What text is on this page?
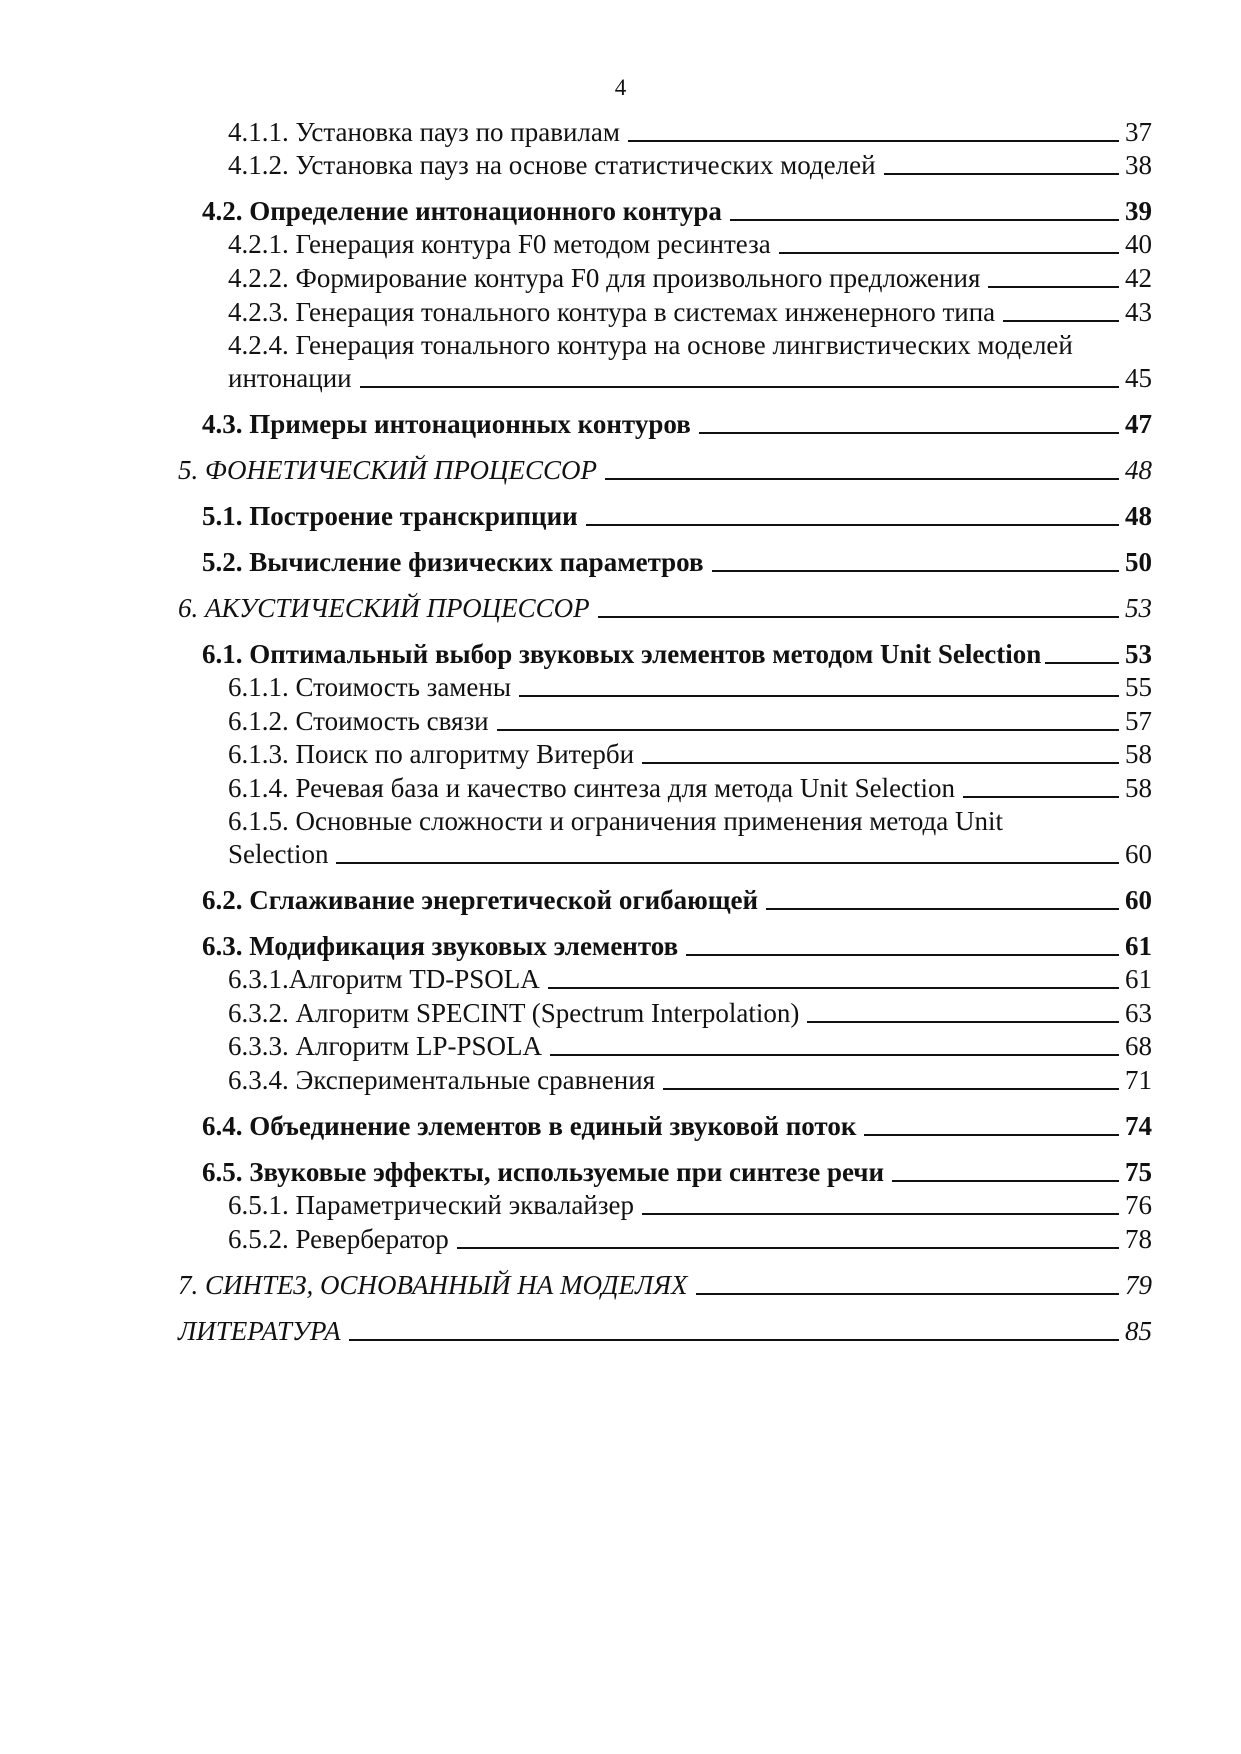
4
4.1.1. Установка пауз по правилам	37
4.1.2. Установка пауз на основе статистических моделей	38
4.2. Определение интонационного контура	39
4.2.1. Генерация контура F0 методом ресинтеза	40
4.2.2. Формирование контура F0 для произвольного предложения	42
4.2.3. Генерация тонального контура в системах инженерного типа	43
4.2.4. Генерация тонального контура на основе лингвистических моделей
интонации	45
4.3. Примеры интонационных контуров	47
5. ФОНЕТИЧЕСКИЙ ПРОЦЕССОР	48
5.1. Построение транскрипции	48
5.2. Вычисление физических параметров	50
6. АКУСТИЧЕСКИЙ ПРОЦЕССОР	53
6.1. Оптимальный выбор звуковых элементов методом Unit Selection	53
6.1.1. Стоимость замены	55
6.1.2. Стоимость связи	57
6.1.3. Поиск по алгоритму Витерби	58
6.1.4. Речевая база и качество синтеза для метода Unit Selection	58
6.1.5. Основные сложности и ограничения применения метода Unit
Selection	60
6.2. Сглаживание энергетической огибающей	60
6.3. Модификация звуковых элементов	61
6.3.1.Алгоритм TD-PSOLA	61
6.3.2. Алгоритм SPECINT (Spectrum Interpolation)	63
6.3.3. Алгоритм LP-PSOLA	68
6.3.4. Экспериментальные сравнения	71
6.4. Объединение элементов в единый звуковой поток	74
6.5. Звуковые эффекты, используемые при синтезе речи	75
6.5.1. Параметрический эквалайзер	76
6.5.2. Ревербератор	78
7. СИНТЕЗ, ОСНОВАННЫЙ НА МОДЕЛЯХ	79
ЛИТЕРАТУРА	85
